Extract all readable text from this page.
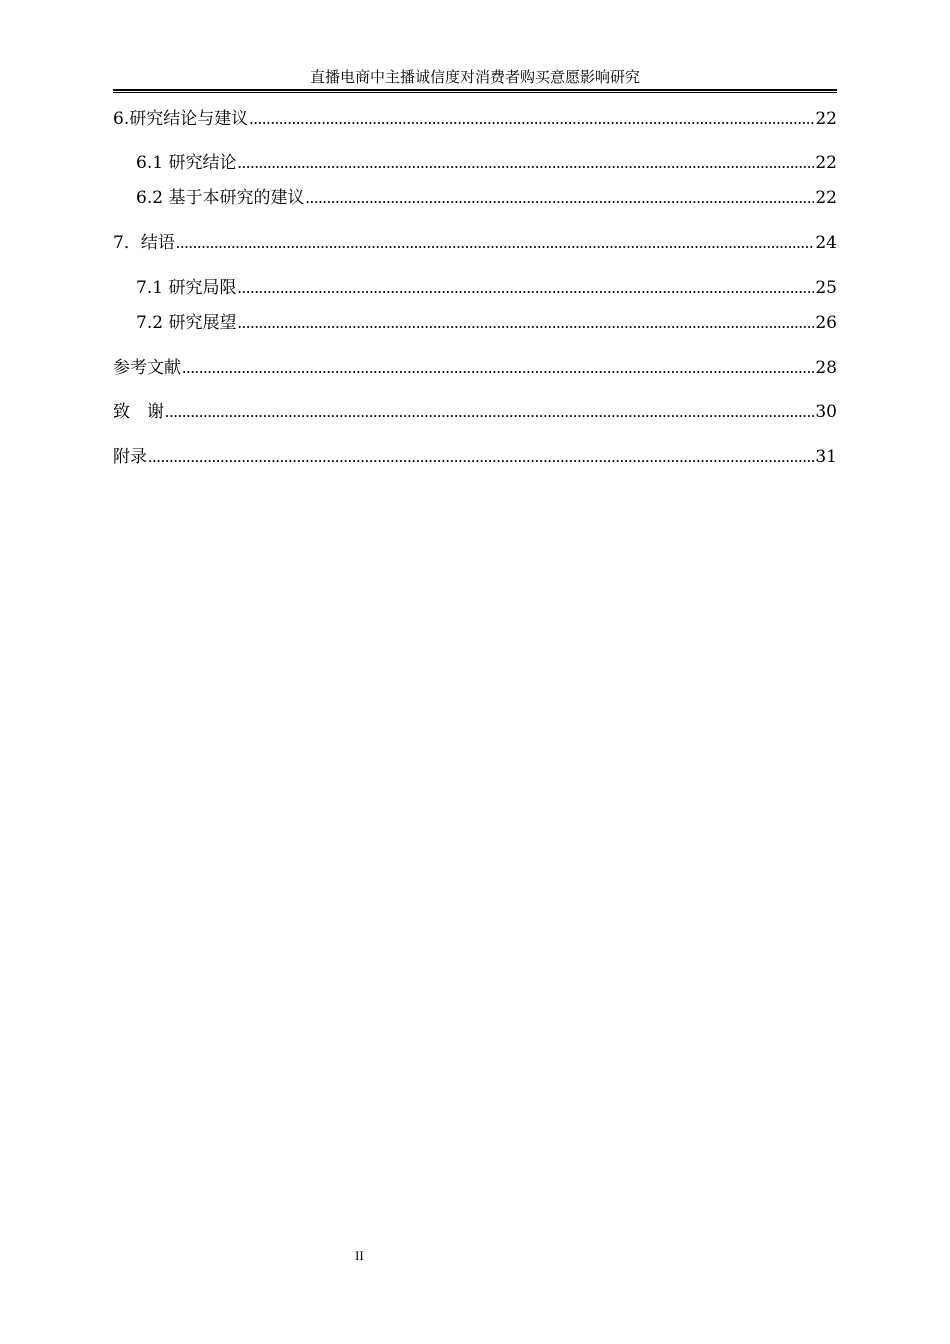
直播电商中主播诚信度对消费者购买意愿影响研究
6.研究结论与建议 .....	22
6.1 研究结论 .....	22
6.2 基于本研究的建议 .....	22
7．结语 .....	24
7.1 研究局限 .....	25
7.2 研究展望 .....	26
参考文献 .....	28
致　谢 .....	30
附录 .....	31
II
